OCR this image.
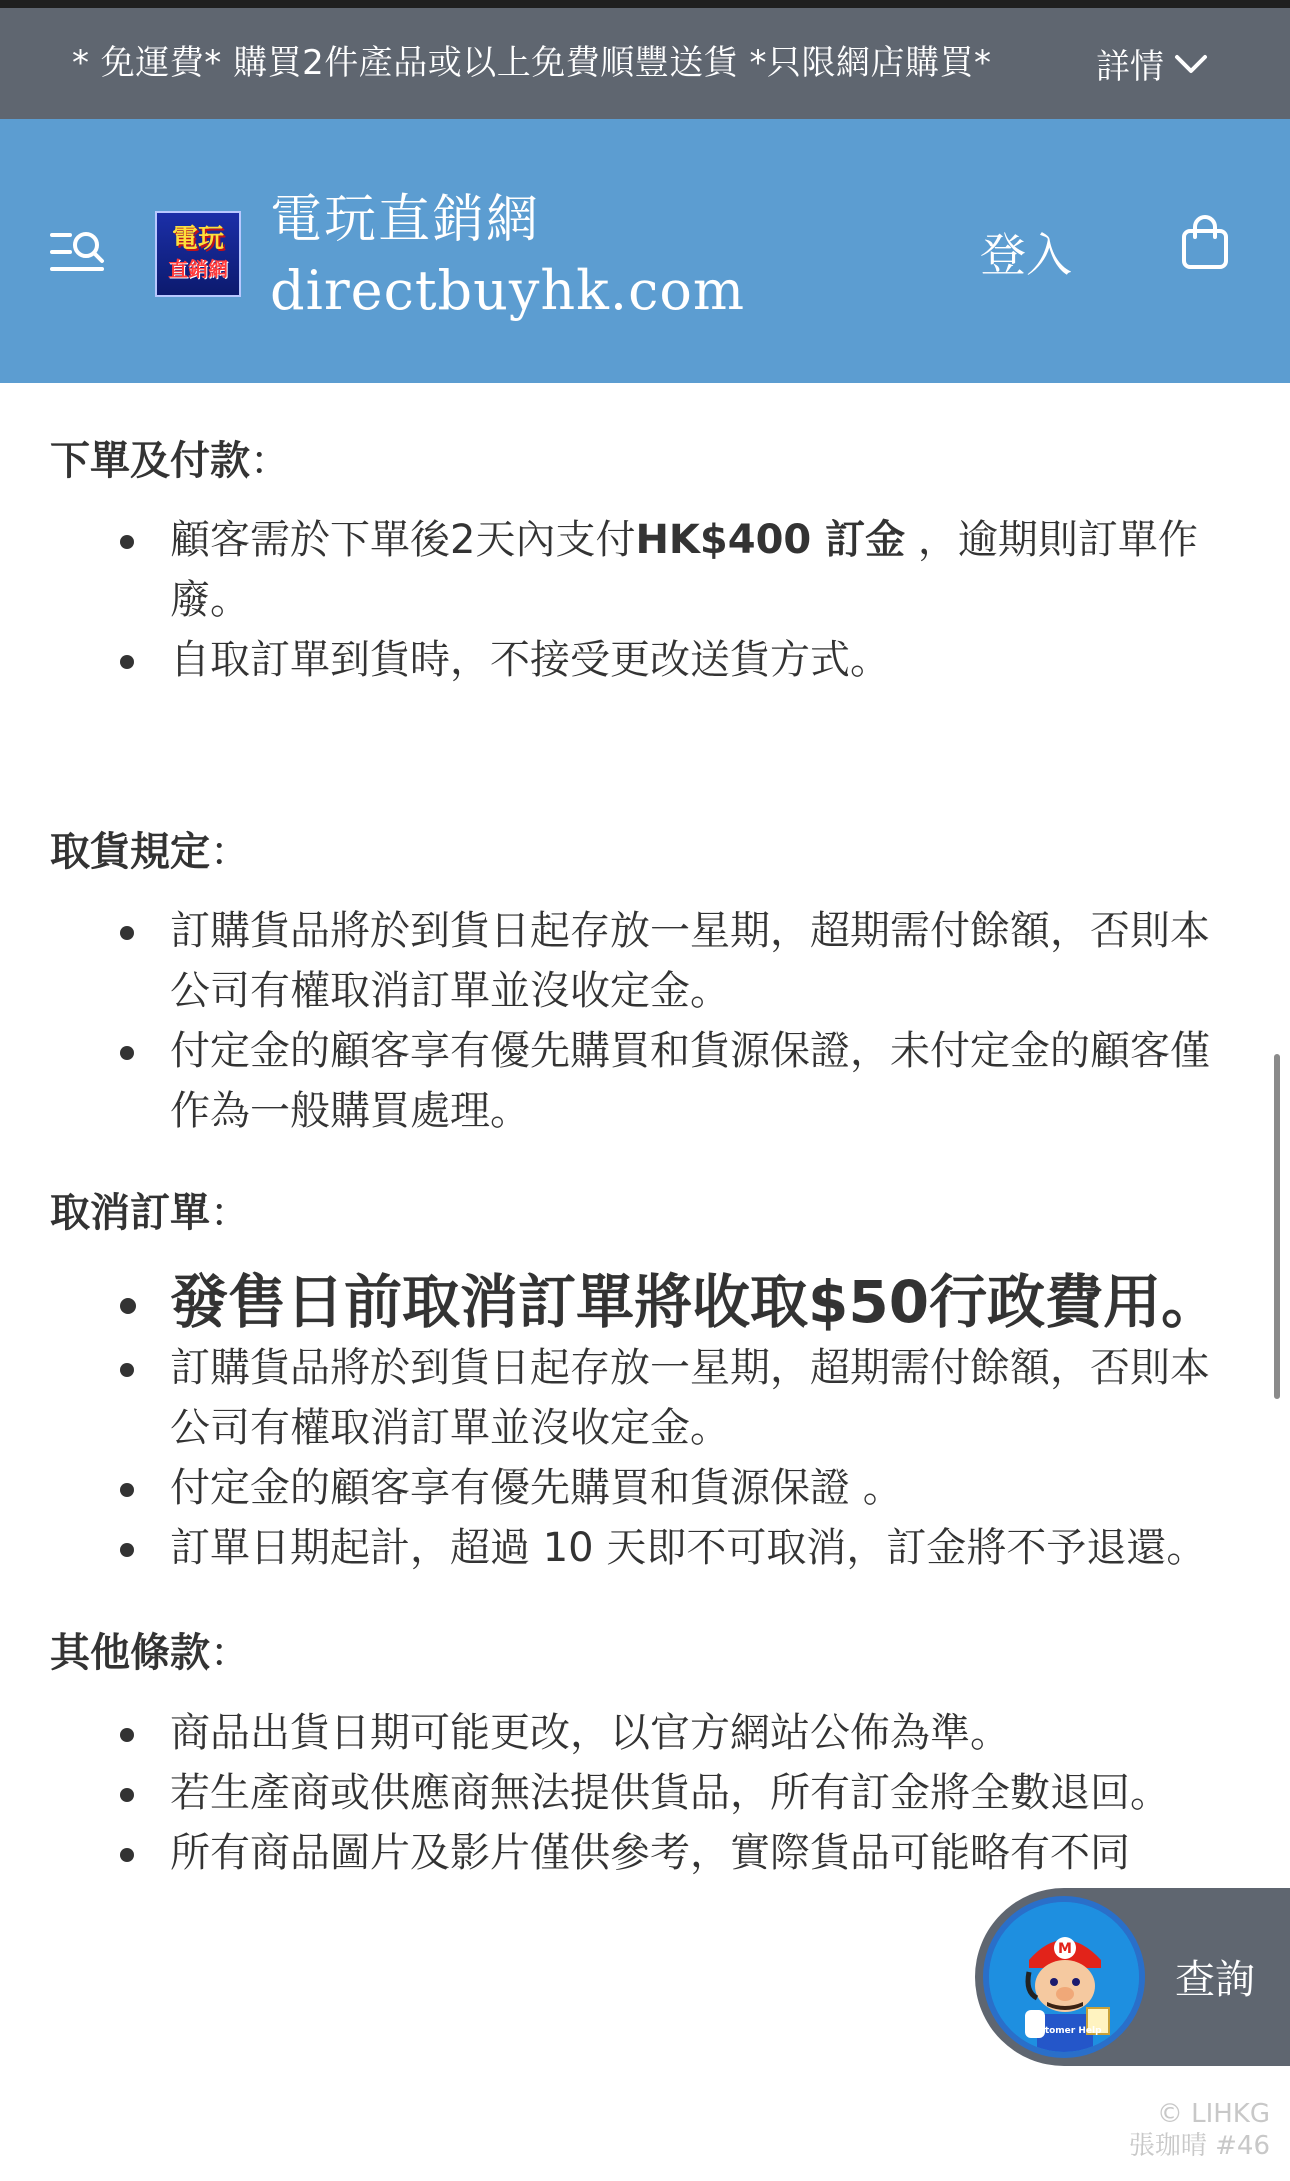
* 免運費* 購買2件產品或以上免費順豐送貨 *只限網店購買*	詳情
電玩
直銷網
電玩直銷網
directbuyhk.com
登入
下單及付款：
顧客需於下單後2天內支付HK$400 訂金 ，逾期則訂單作廢。
自取訂單到貨時，不接受更改送貨方式。
取貨規定：
訂購貨品將於到貨日起存放一星期，超期需付餘額，否則本公司有權取消訂單並沒收定金。
付定金的顧客享有優先購買和貨源保證，未付定金的顧客僅作為一般購買處理。
取消訂單：
發售日前取消訂單將收取$50行政費用。
訂購貨品將於到貨日起存放一星期，超期需付餘額，否則本公司有權取消訂單並沒收定金。
付定金的顧客享有優先購買和貨源保證 。
訂單日期起計，超過 10 天即不可取消，訂金將不予退還。
其他條款：
商品出貨日期可能更改，以官方網站公佈為準。
若生產商或供應商無法提供貨品，所有訂金將全數退回。
所有商品圖片及影片僅供參考，實際貨品可能略有不同
M
Customer Help
查詢
© LIHKG
張珈晴 #46
